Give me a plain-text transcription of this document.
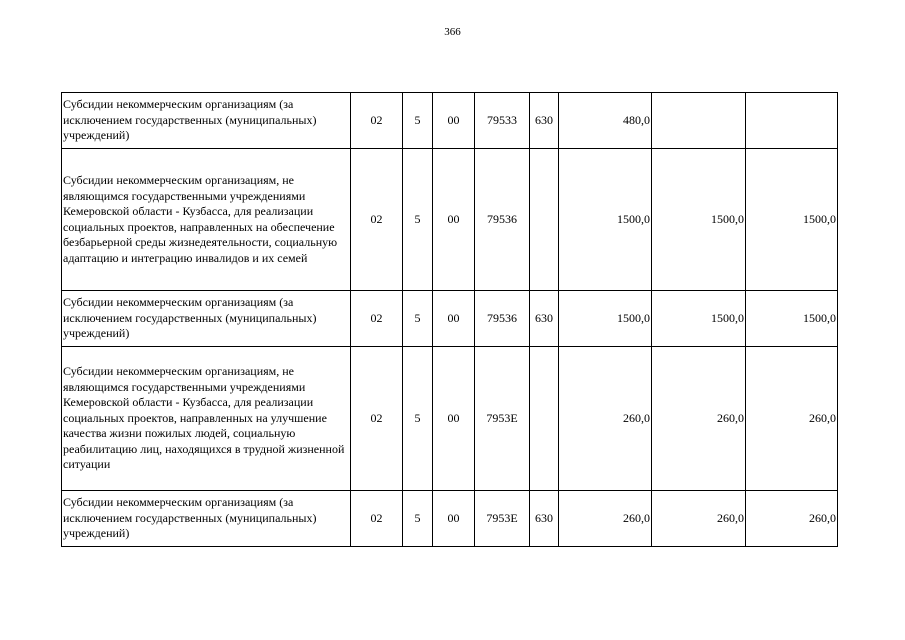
366
Субсидии некоммерческим организациям (за исключением государственных (муниципальных) учреждений)	02	5	00	79533	630	480,0		
Субсидии некоммерческим организациям, не являющимся государственными учреждениями Кемеровской области - Кузбасса, для реализации социальных проектов, направленных на обеспечение безбарьерной среды жизнедеятельности, социальную адаптацию и интеграцию инвалидов и их семей	02	5	00	79536		1500,0	1500,0	1500,0
Субсидии некоммерческим организациям (за исключением государственных (муниципальных) учреждений)	02	5	00	79536	630	1500,0	1500,0	1500,0
Субсидии некоммерческим организациям, не являющимся государственными учреждениями Кемеровской области - Кузбасса, для реализации социальных проектов, направленных на улучшение качества жизни пожилых людей, социальную реабилитацию лиц, находящихся в трудной жизненной ситуации	02	5	00	7953Е		260,0	260,0	260,0
Субсидии некоммерческим организациям (за исключением государственных (муниципальных) учреждений)	02	5	00	7953Е	630	260,0	260,0	260,0
